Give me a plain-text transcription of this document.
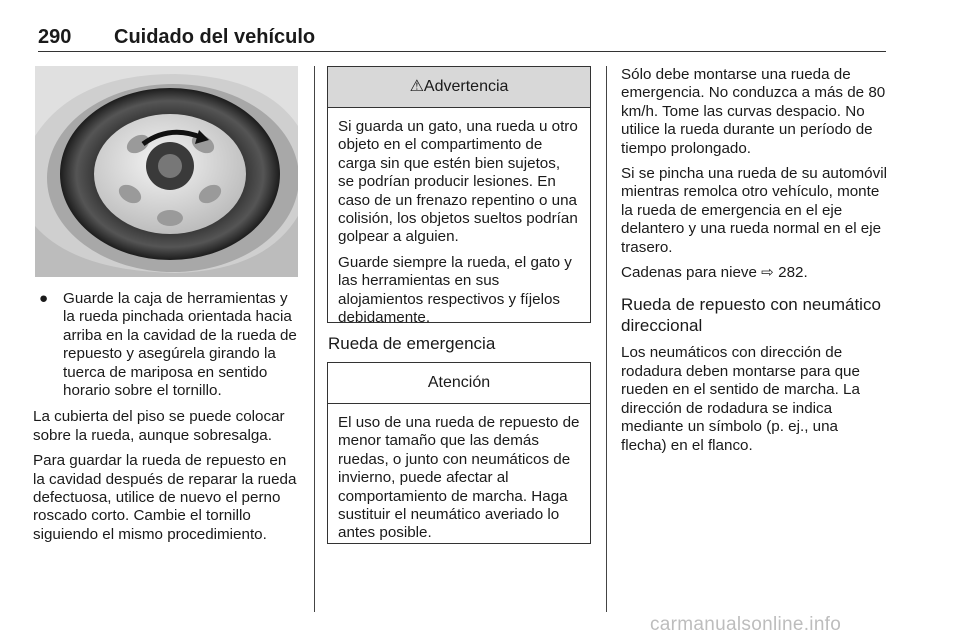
290 Cuidado del vehículo
● Guarde la caja de herramientas y la rueda pinchada orientada hacia arriba en la cavidad de la rueda de repuesto y asegúrela girando la tuerca de mariposa en sentido horario sobre el tornillo.

La cubierta del piso se puede colocar sobre la rueda, aunque sobresalga.

Para guardar la rueda de repuesto en la cavidad después de reparar la rueda defectuosa, utilice de nuevo el perno roscado corto. Cambie el tornillo siguiendo el mismo procedimiento.

⚠Advertencia

Si guarda un gato, una rueda u otro objeto en el compartimento de carga sin que estén bien sujetos, se podrían producir lesiones. En caso de un frenazo repentino o una colisión, los objetos sueltos podrían golpear a alguien.

Guarde siempre la rueda, el gato y las herramientas en sus alojamientos respectivos y fíjelos debidamente.

Rueda de emergencia
Atención

El uso de una rueda de repuesto de menor tamaño que las demás ruedas, o junto con neumáticos de invierno, puede afectar al comportamiento de marcha. Haga sustituir el neumático averiado lo antes posible.

Sólo debe montarse una rueda de emergencia. No conduzca a más de 80 km/h. Tome las curvas despacio. No utilice la rueda durante un período de tiempo prolongado.

Si se pincha una rueda de su automóvil mientras remolca otro vehículo, monte la rueda de emergencia en el eje delantero y una rueda normal en el eje trasero.

Cadenas para nieve ⇨ 282.

Rueda de repuesto con neumático direccional

Los neumáticos con dirección de rodadura deben montarse para que rueden en el sentido de marcha. La dirección de rodadura se indica mediante un símbolo (p. ej., una flecha) en el flanco.

carmanualsonline.info
